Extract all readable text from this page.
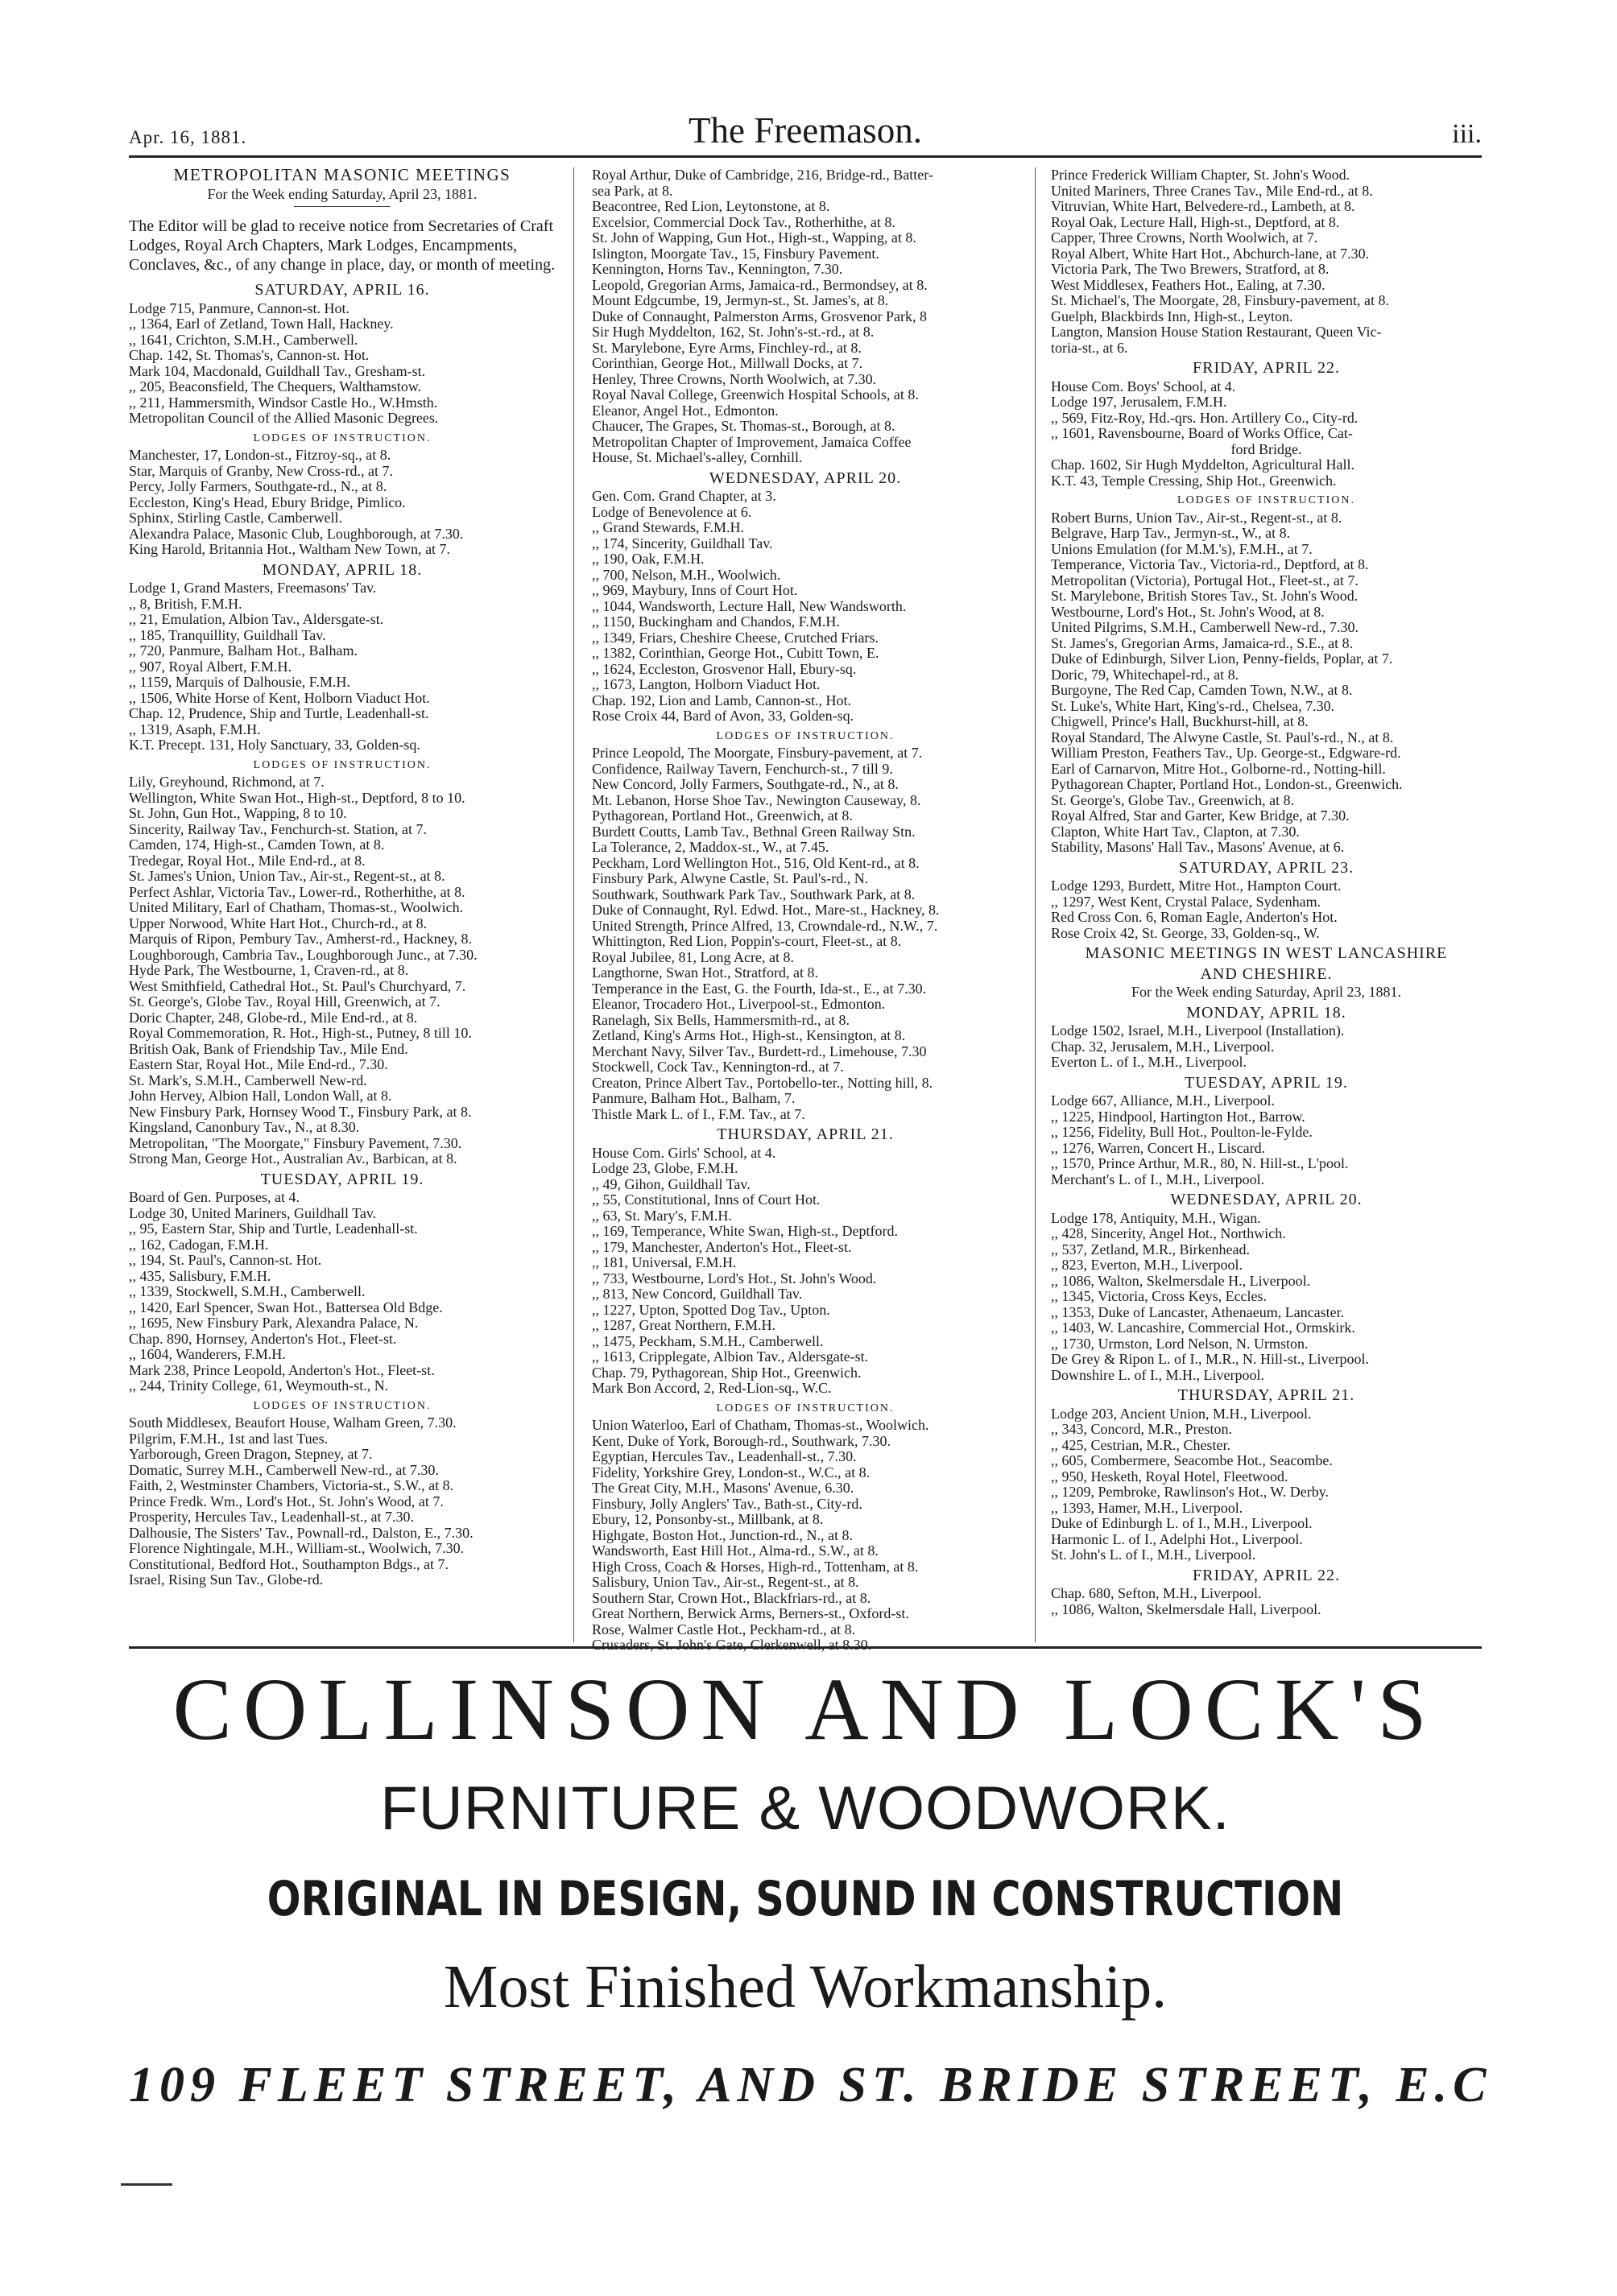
Apr. 16, 1881.	The Freemason.	iii.
METROPOLITAN MASONIC MEETINGS
For the Week ending Saturday, April 23, 1881.
The Editor will be glad to receive notice from Secretaries of Craft Lodges, Royal Arch Chapters, Mark Lodges, Encampments, Conclaves, &c., of any change in place, day, or month of meeting.
SATURDAY, APRIL 16.
Lodge 715, Panmure, Cannon-st. Hot.
,, 1364, Earl of Zetland, Town Hall, Hackney.
,, 1641, Crichton, S.M.H., Camberwell.
Chap. 142, St. Thomas's, Cannon-st. Hot.
Mark 104, Macdonald, Guildhall Tav., Gresham-st.
,, 205, Beaconsfield, The Chequers, Walthamstow.
,, 211, Hammersmith, Windsor Castle Ho., W.Hmsth.
Metropolitan Council of the Allied Masonic Degrees.
LODGES OF INSTRUCTION.
Manchester, 17, London-st., Fitzroy-sq., at 8.
Star, Marquis of Granby, New Cross-rd., at 7.
Percy, Jolly Farmers, Southgate-rd., N., at 8.
Eccleston, King's Head, Ebury Bridge, Pimlico.
Sphinx, Stirling Castle, Camberwell.
Alexandra Palace, Masonic Club, Loughborough, at 7.30.
King Harold, Britannia Hot., Waltham New Town, at 7.
MONDAY, APRIL 18.
Lodge 1, Grand Masters, Freemasons' Tav.
,, 8, British, F.M.H.
,, 21, Emulation, Albion Tav., Aldersgate-st.
,, 185, Tranquillity, Guildhall Tav.
,, 720, Panmure, Balham Hot., Balham.
,, 907, Royal Albert, F.M.H.
,, 1159, Marquis of Dalhousie, F.M.H.
,, 1506, White Horse of Kent, Holborn Viaduct Hot.
Chap. 12, Prudence, Ship and Turtle, Leadenhall-st.
,, 1319, Asaph, F.M.H.
K.T. Precept. 131, Holy Sanctuary, 33, Golden-sq.
LODGES OF INSTRUCTION.
Lily, Greyhound, Richmond, at 7.
Wellington, White Swan Hot., High-st., Deptford, 8 to 10.
St. John, Gun Hot., Wapping, 8 to 10.
Sincerity, Railway Tav., Fenchurch-st. Station, at 7.
Camden, 174, High-st., Camden Town, at 8.
Tredegar, Royal Hot., Mile End-rd., at 8.
St. James's Union, Union Tav., Air-st., Regent-st., at 8.
Perfect Ashlar, Victoria Tav., Lower-rd., Rotherhithe, at 8.
United Military, Earl of Chatham, Thomas-st., Woolwich.
Upper Norwood, White Hart Hot., Church-rd., at 8.
Marquis of Ripon, Pembury Tav., Amherst-rd., Hackney, 8.
Loughborough, Cambria Tav., Loughborough Junc., at 7.30.
Hyde Park, The Westbourne, 1, Craven-rd., at 8.
West Smithfield, Cathedral Hot., St. Paul's Churchyard, 7.
St. George's, Globe Tav., Royal Hill, Greenwich, at 7.
Doric Chapter, 248, Globe-rd., Mile End-rd., at 8.
Royal Commemoration, R. Hot., High-st., Putney, 8 till 10.
British Oak, Bank of Friendship Tav., Mile End.
Eastern Star, Royal Hot., Mile End-rd., 7.30.
St. Mark's, S.M.H., Camberwell New-rd.
John Hervey, Albion Hall, London Wall, at 8.
New Finsbury Park, Hornsey Wood T., Finsbury Park, at 8.
Kingsland, Canonbury Tav., N., at 8.30.
Metropolitan, "The Moorgate," Finsbury Pavement, 7.30.
Strong Man, George Hot., Australian Av., Barbican, at 8.
TUESDAY, APRIL 19.
Board of Gen. Purposes, at 4.
Lodge 30, United Mariners, Guildhall Tav.
,, 95, Eastern Star, Ship and Turtle, Leadenhall-st.
,, 162, Cadogan, F.M.H.
,, 194, St. Paul's, Cannon-st. Hot.
,, 435, Salisbury, F.M.H.
,, 1339, Stockwell, S.M.H., Camberwell.
,, 1420, Earl Spencer, Swan Hot., Battersea Old Bdge.
,, 1695, New Finsbury Park, Alexandra Palace, N.
Chap. 890, Hornsey, Anderton's Hot., Fleet-st.
,, 1604, Wanderers, F.M.H.
Mark 238, Prince Leopold, Anderton's Hot., Fleet-st.
,, 244, Trinity College, 61, Weymouth-st., N.
LODGES OF INSTRUCTION.
South Middlesex, Beaufort House, Walham Green, 7.30.
Pilgrim, F.M.H., 1st and last Tues.
Yarborough, Green Dragon, Stepney, at 7.
Domatic, Surrey M.H., Camberwell New-rd., at 7.30.
Faith, 2, Westminster Chambers, Victoria-st., S.W., at 8.
Prince Fredk. Wm., Lord's Hot., St. John's Wood, at 7.
Prosperity, Hercules Tav., Leadenhall-st., at 7.30.
Dalhousie, The Sisters' Tav., Pownall-rd., Dalston, E., 7.30.
Florence Nightingale, M.H., William-st., Woolwich, 7.30.
Constitutional, Bedford Hot., Southampton Bdgs., at 7.
Israel, Rising Sun Tav., Globe-rd.
Royal Arthur, Duke of Cambridge, 216, Bridge-rd., Batter-
sea Park, at 8.
Beacontree, Red Lion, Leytonstone, at 8.
Excelsior, Commercial Dock Tav., Rotherhithe, at 8.
St. John of Wapping, Gun Hot., High-st., Wapping, at 8.
Islington, Moorgate Tav., 15, Finsbury Pavement.
Kennington, Horns Tav., Kennington, 7.30.
Leopold, Gregorian Arms, Jamaica-rd., Bermondsey, at 8.
Mount Edgcumbe, 19, Jermyn-st., St. James's, at 8.
Duke of Connaught, Palmerston Arms, Grosvenor Park, 8
Sir Hugh Myddelton, 162, St. John's-st.-rd., at 8.
St. Marylebone, Eyre Arms, Finchley-rd., at 8.
Corinthian, George Hot., Millwall Docks, at 7.
Henley, Three Crowns, North Woolwich, at 7.30.
Royal Naval College, Greenwich Hospital Schools, at 8.
Eleanor, Angel Hot., Edmonton.
Chaucer, The Grapes, St. Thomas-st., Borough, at 8.
Metropolitan Chapter of Improvement, Jamaica Coffee
House, St. Michael's-alley, Cornhill.
WEDNESDAY, APRIL 20.
Gen. Com. Grand Chapter, at 3.
Lodge of Benevolence at 6.
,, Grand Stewards, F.M.H.
,, 174, Sincerity, Guildhall Tav.
,, 190, Oak, F.M.H.
,, 700, Nelson, M.H., Woolwich.
,, 969, Maybury, Inns of Court Hot.
,, 1044, Wandsworth, Lecture Hall, New Wandsworth.
,, 1150, Buckingham and Chandos, F.M.H.
,, 1349, Friars, Cheshire Cheese, Crutched Friars.
,, 1382, Corinthian, George Hot., Cubitt Town, E.
,, 1624, Eccleston, Grosvenor Hall, Ebury-sq.
,, 1673, Langton, Holborn Viaduct Hot.
Chap. 192, Lion and Lamb, Cannon-st., Hot.
Rose Croix 44, Bard of Avon, 33, Golden-sq.
LODGES OF INSTRUCTION.
Prince Leopold, The Moorgate, Finsbury-pavement, at 7.
Confidence, Railway Tavern, Fenchurch-st., 7 till 9.
New Concord, Jolly Farmers, Southgate-rd., N., at 8.
Mt. Lebanon, Horse Shoe Tav., Newington Causeway, 8.
Pythagorean, Portland Hot., Greenwich, at 8.
Burdett Coutts, Lamb Tav., Bethnal Green Railway Stn.
La Tolerance, 2, Maddox-st., W., at 7.45.
Peckham, Lord Wellington Hot., 516, Old Kent-rd., at 8.
Finsbury Park, Alwyne Castle, St. Paul's-rd., N.
Southwark, Southwark Park Tav., Southwark Park, at 8.
Duke of Connaught, Ryl. Edwd. Hot., Mare-st., Hackney, 8.
United Strength, Prince Alfred, 13, Crowndale-rd., N.W., 7.
Whittington, Red Lion, Poppin's-court, Fleet-st., at 8.
Royal Jubilee, 81, Long Acre, at 8.
Langthorne, Swan Hot., Stratford, at 8.
Temperance in the East, G. the Fourth, Ida-st., E., at 7.30.
Eleanor, Trocadero Hot., Liverpool-st., Edmonton.
Ranelagh, Six Bells, Hammersmith-rd., at 8.
Zetland, King's Arms Hot., High-st., Kensington, at 8.
Merchant Navy, Silver Tav., Burdett-rd., Limehouse, 7.30
Stockwell, Cock Tav., Kennington-rd., at 7.
Creaton, Prince Albert Tav., Portobello-ter., Notting hill, 8.
Panmure, Balham Hot., Balham, 7.
Thistle Mark L. of I., F.M. Tav., at 7.
THURSDAY, APRIL 21.
House Com. Girls' School, at 4.
Lodge 23, Globe, F.M.H.
,, 49, Gihon, Guildhall Tav.
,, 55, Constitutional, Inns of Court Hot.
,, 63, St. Mary's, F.M.H.
,, 169, Temperance, White Swan, High-st., Deptford.
,, 179, Manchester, Anderton's Hot., Fleet-st.
,, 181, Universal, F.M.H.
,, 733, Westbourne, Lord's Hot., St. John's Wood.
,, 813, New Concord, Guildhall Tav.
,, 1227, Upton, Spotted Dog Tav., Upton.
,, 1287, Great Northern, F.M.H.
,, 1475, Peckham, S.M.H., Camberwell.
,, 1613, Cripplegate, Albion Tav., Aldersgate-st.
Chap. 79, Pythagorean, Ship Hot., Greenwich.
Mark Bon Accord, 2, Red-Lion-sq., W.C.
LODGES OF INSTRUCTION.
Union Waterloo, Earl of Chatham, Thomas-st., Woolwich.
Kent, Duke of York, Borough-rd., Southwark, 7.30.
Egyptian, Hercules Tav., Leadenhall-st., 7.30.
Fidelity, Yorkshire Grey, London-st., W.C., at 8.
The Great City, M.H., Masons' Avenue, 6.30.
Finsbury, Jolly Anglers' Tav., Bath-st., City-rd.
Ebury, 12, Ponsonby-st., Millbank, at 8.
Highgate, Boston Hot., Junction-rd., N., at 8.
Wandsworth, East Hill Hot., Alma-rd., S.W., at 8.
High Cross, Coach & Horses, High-rd., Tottenham, at 8.
Salisbury, Union Tav., Air-st., Regent-st., at 8.
Southern Star, Crown Hot., Blackfriars-rd., at 8.
Great Northern, Berwick Arms, Berners-st., Oxford-st.
Rose, Walmer Castle Hot., Peckham-rd., at 8.
Crusaders, St. John's Gate, Clerkenwell, at 8.30.
Prince Frederick William Chapter, St. John's Wood.
United Mariners, Three Cranes Tav., Mile End-rd., at 8.
Vitruvian, White Hart, Belvedere-rd., Lambeth, at 8.
Royal Oak, Lecture Hall, High-st., Deptford, at 8.
Capper, Three Crowns, North Woolwich, at 7.
Royal Albert, White Hart Hot., Abchurch-lane, at 7.30.
Victoria Park, The Two Brewers, Stratford, at 8.
West Middlesex, Feathers Hot., Ealing, at 7.30.
St. Michael's, The Moorgate, 28, Finsbury-pavement, at 8.
Guelph, Blackbirds Inn, High-st., Leyton.
Langton, Mansion House Station Restaurant, Queen Vic-
toria-st., at 6.
FRIDAY, APRIL 22.
House Com. Boys' School, at 4.
Lodge 197, Jerusalem, F.M.H.
,, 569, Fitz-Roy, Hd.-qrs. Hon. Artillery Co., City-rd.
,, 1601, Ravensbourne, Board of Works Office, Cat-
ford Bridge.
Chap. 1602, Sir Hugh Myddelton, Agricultural Hall.
K.T. 43, Temple Cressing, Ship Hot., Greenwich.
LODGES OF INSTRUCTION.
Robert Burns, Union Tav., Air-st., Regent-st., at 8.
Belgrave, Harp Tav., Jermyn-st., W., at 8.
Unions Emulation (for M.M.'s), F.M.H., at 7.
Temperance, Victoria Tav., Victoria-rd., Deptford, at 8.
Metropolitan (Victoria), Portugal Hot., Fleet-st., at 7.
St. Marylebone, British Stores Tav., St. John's Wood.
Westbourne, Lord's Hot., St. John's Wood, at 8.
United Pilgrims, S.M.H., Camberwell New-rd., 7.30.
St. James's, Gregorian Arms, Jamaica-rd., S.E., at 8.
Duke of Edinburgh, Silver Lion, Penny-fields, Poplar, at 7.
Doric, 79, Whitechapel-rd., at 8.
Burgoyne, The Red Cap, Camden Town, N.W., at 8.
St. Luke's, White Hart, King's-rd., Chelsea, 7.30.
Chigwell, Prince's Hall, Buckhurst-hill, at 8.
Royal Standard, The Alwyne Castle, St. Paul's-rd., N., at 8.
William Preston, Feathers Tav., Up. George-st., Edgware-rd.
Earl of Carnarvon, Mitre Hot., Golborne-rd., Notting-hill.
Pythagorean Chapter, Portland Hot., London-st., Greenwich.
St. George's, Globe Tav., Greenwich, at 8.
Royal Alfred, Star and Garter, Kew Bridge, at 7.30.
Clapton, White Hart Tav., Clapton, at 7.30.
Stability, Masons' Hall Tav., Masons' Avenue, at 6.
SATURDAY, APRIL 23.
Lodge 1293, Burdett, Mitre Hot., Hampton Court.
,, 1297, West Kent, Crystal Palace, Sydenham.
Red Cross Con. 6, Roman Eagle, Anderton's Hot.
Rose Croix 42, St. George, 33, Golden-sq., W.
MASONIC MEETINGS IN WEST LANCASHIRE
AND CHESHIRE.
For the Week ending Saturday, April 23, 1881.
MONDAY, APRIL 18.
Lodge 1502, Israel, M.H., Liverpool (Installation).
Chap. 32, Jerusalem, M.H., Liverpool.
Everton L. of I., M.H., Liverpool.
TUESDAY, APRIL 19.
Lodge 667, Alliance, M.H., Liverpool.
,, 1225, Hindpool, Hartington Hot., Barrow.
,, 1256, Fidelity, Bull Hot., Poulton-le-Fylde.
,, 1276, Warren, Concert H., Liscard.
,, 1570, Prince Arthur, M.R., 80, N. Hill-st., L'pool.
Merchant's L. of I., M.H., Liverpool.
WEDNESDAY, APRIL 20.
Lodge 178, Antiquity, M.H., Wigan.
,, 428, Sincerity, Angel Hot., Northwich.
,, 537, Zetland, M.R., Birkenhead.
,, 823, Everton, M.H., Liverpool.
,, 1086, Walton, Skelmersdale H., Liverpool.
,, 1345, Victoria, Cross Keys, Eccles.
,, 1353, Duke of Lancaster, Athenaeum, Lancaster.
,, 1403, W. Lancashire, Commercial Hot., Ormskirk.
,, 1730, Urmston, Lord Nelson, N. Urmston.
De Grey & Ripon L. of I., M.R., N. Hill-st., Liverpool.
Downshire L. of I., M.H., Liverpool.
THURSDAY, APRIL 21.
Lodge 203, Ancient Union, M.H., Liverpool.
,, 343, Concord, M.R., Preston.
,, 425, Cestrian, M.R., Chester.
,, 605, Combermere, Seacombe Hot., Seacombe.
,, 950, Hesketh, Royal Hotel, Fleetwood.
,, 1209, Pembroke, Rawlinson's Hot., W. Derby.
,, 1393, Hamer, M.H., Liverpool.
Duke of Edinburgh L. of I., M.H., Liverpool.
Harmonic L. of I., Adelphi Hot., Liverpool.
St. John's L. of I., M.H., Liverpool.
FRIDAY, APRIL 22.
Chap. 680, Sefton, M.H., Liverpool.
,, 1086, Walton, Skelmersdale Hall, Liverpool.
COLLINSON AND LOCK'S
FURNITURE & WOODWORK.
ORIGINAL IN DESIGN, SOUND IN CONSTRUCTION
Most Finished Workmanship.
109 FLEET STREET, AND ST. BRIDE STREET, E.C
